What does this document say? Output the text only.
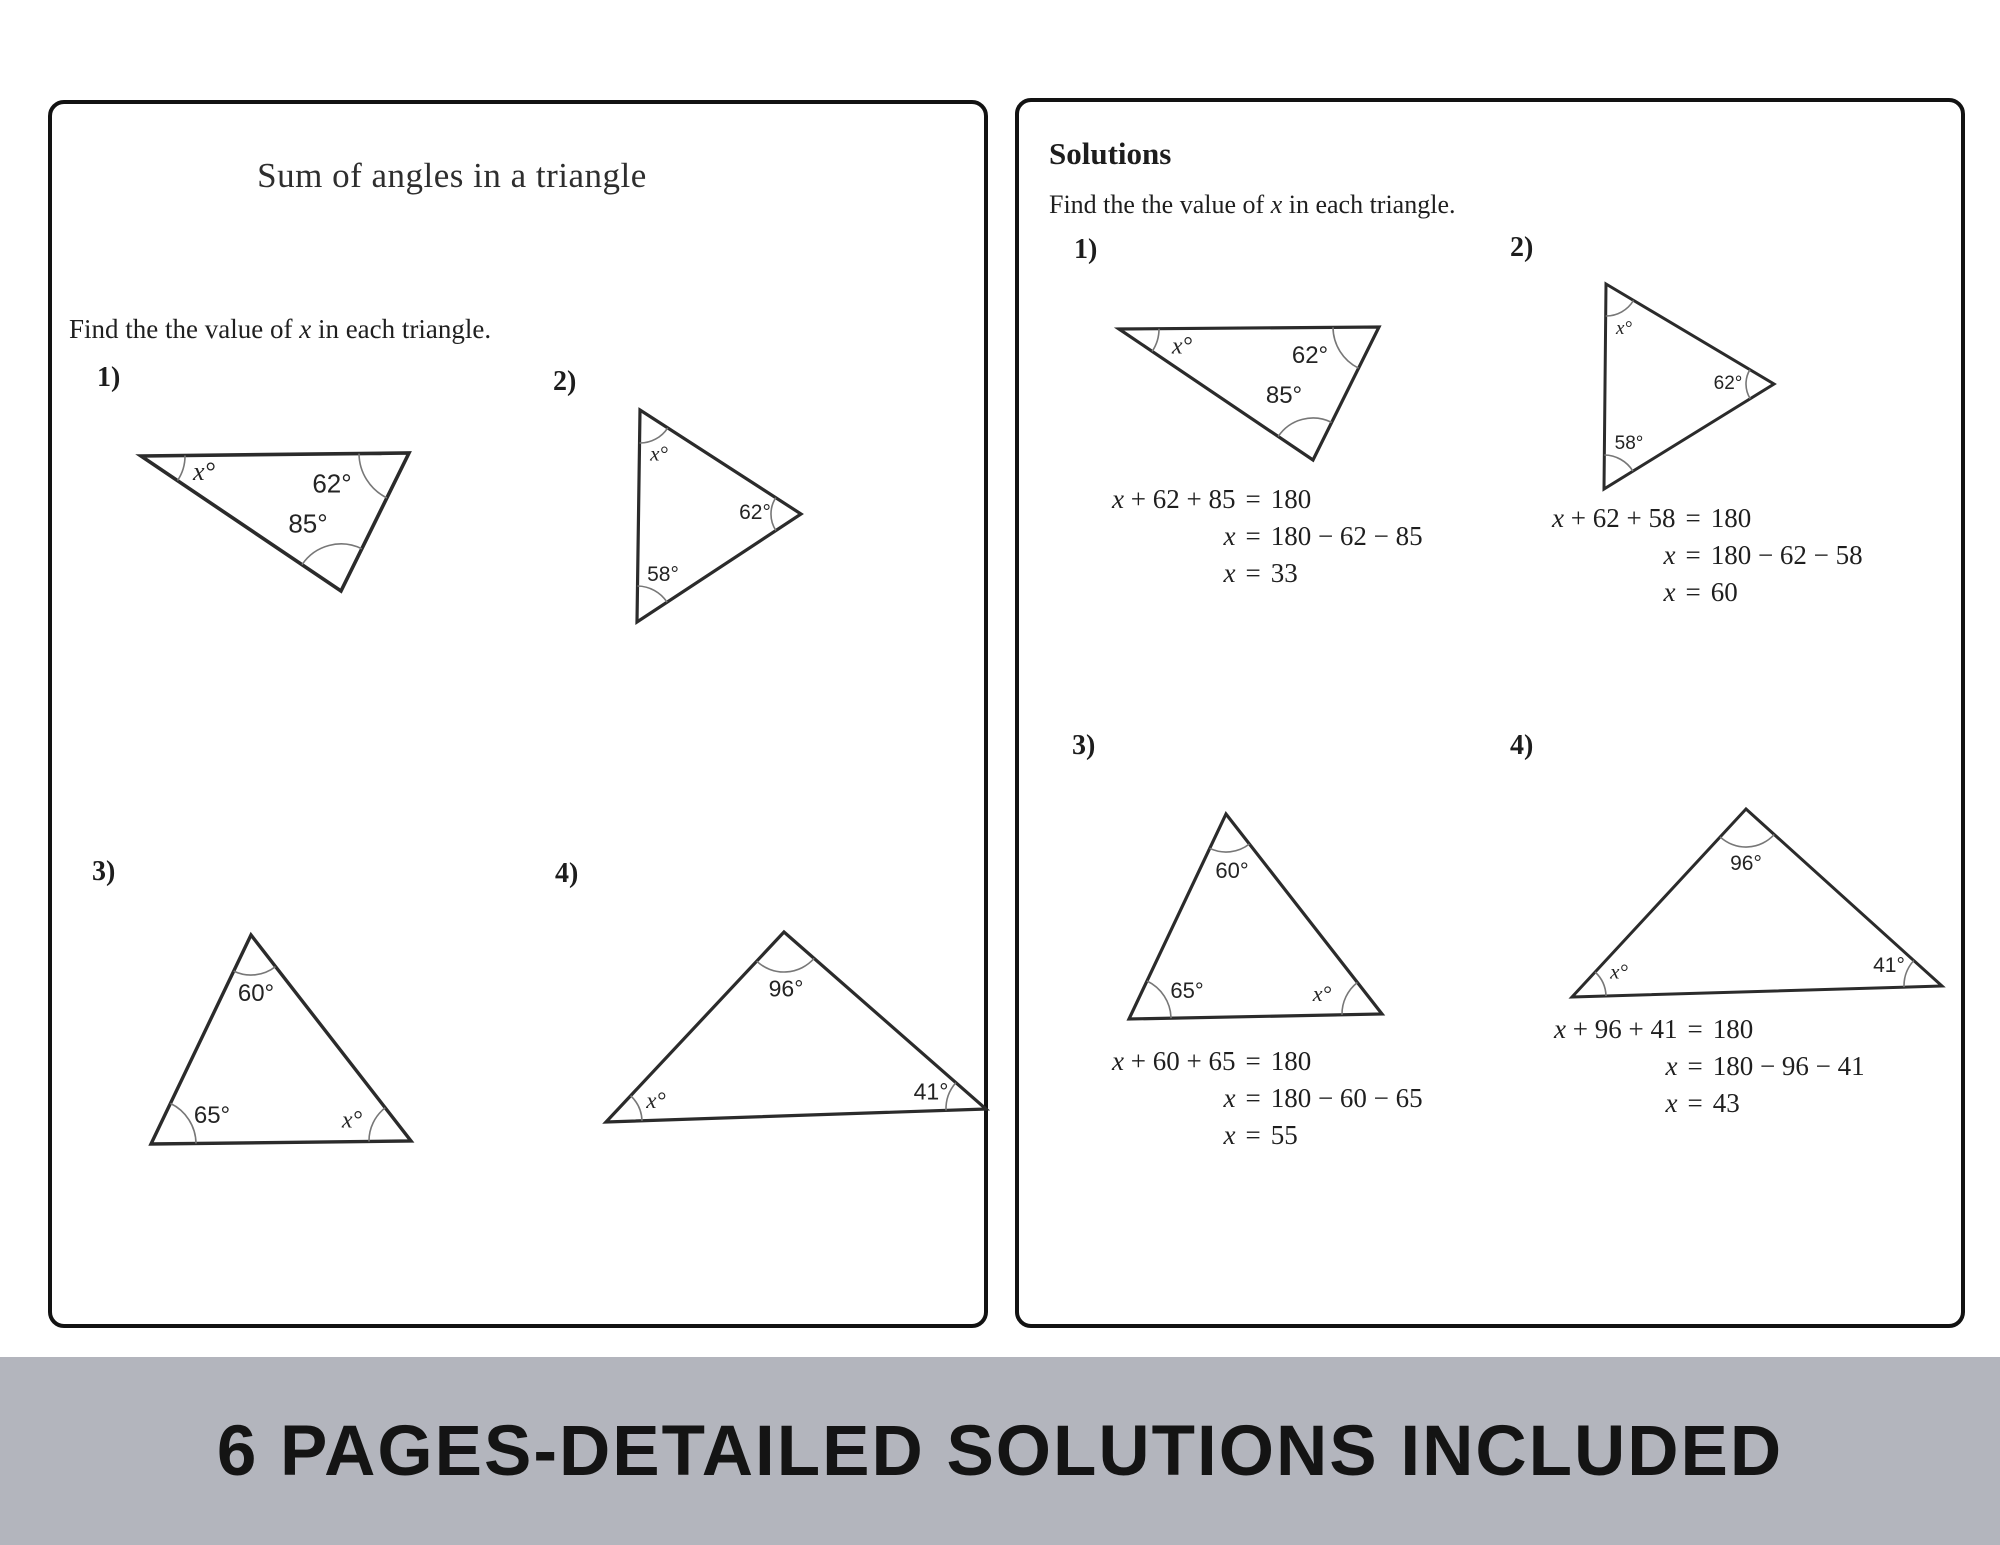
Sum of angles in a triangle

Find the the value of x in each triangle.

1)	2)
3)	4)
x°	62°
85°
x°
62°
58°
60°
65°	x°
96°
x°	41°
Solutions

Find the the value of x in each triangle.

1)	2)
3)	4)
x°	62°
85°
x + 62 + 85 = 180
x = 180 − 62 − 85
x = 33
x°
62°
58°
x + 62 + 58 = 180
x = 180 − 62 − 58
x = 60
60°
65°	x°
x + 60 + 65 = 180
x = 180 − 60 − 65
x = 55
96°
x°	41°
x + 96 + 41 = 180
x = 180 − 96 − 41
x = 43
6 PAGES-DETAILED SOLUTIONS INCLUDED
